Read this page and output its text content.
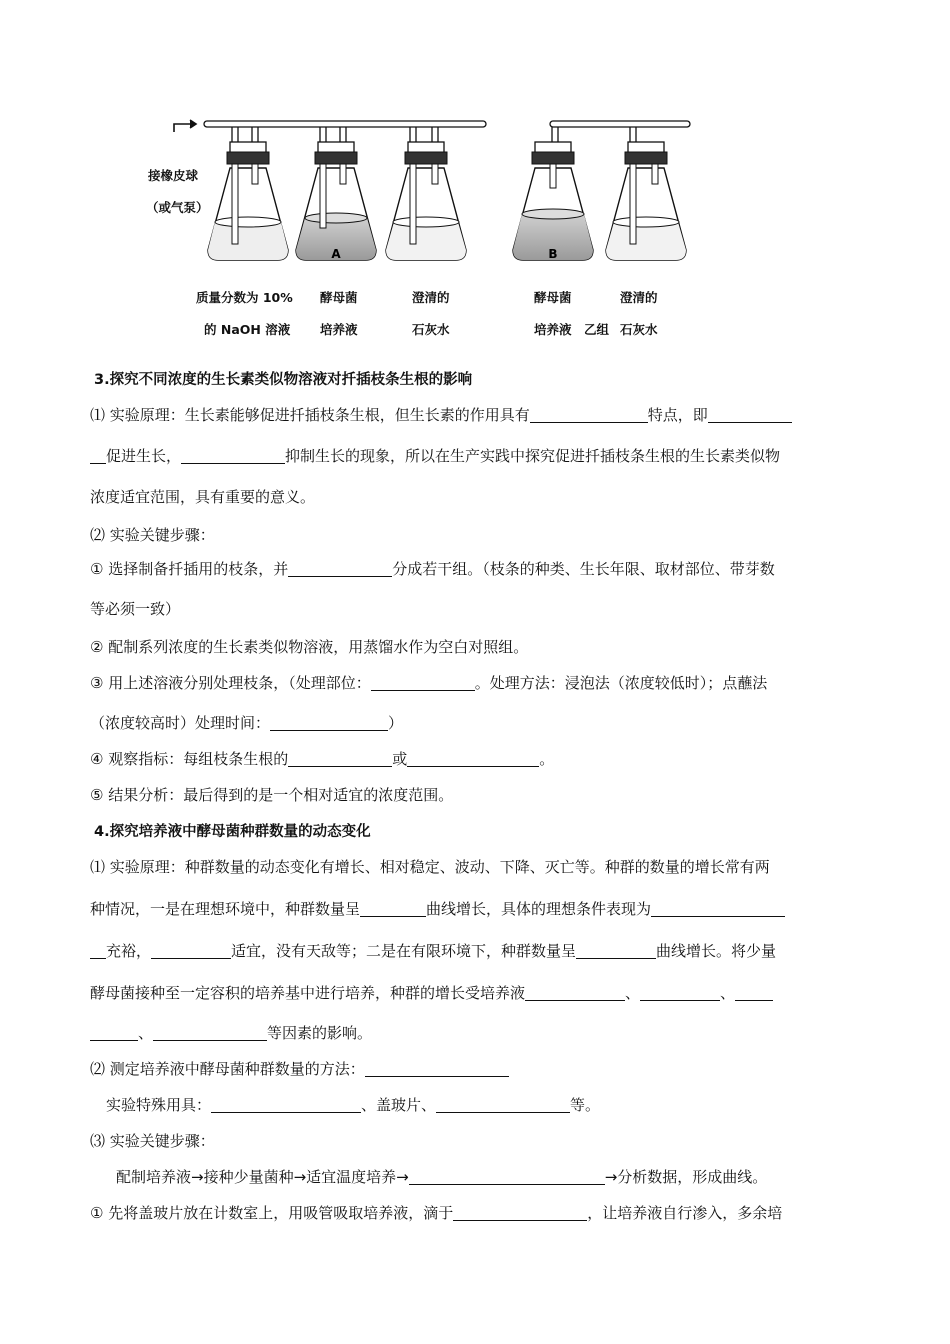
A	B
接橡皮球
（或气泵）
质量分数为 10%
的 NaOH 溶液
酵母菌
培养液
澄清的
石灰水
酵母菌
培养液 乙组
澄清的
石灰水
3.探究不同浓度的生长素类似物溶液对扦插枝条生根的影响
⑴ 实验原理：生长素能够促进扦插枝条生根，但生长素的作用具有	特点，即
促进生长，	抑制生长的现象，所以在生产实践中探究促进扦插枝条生根的生长素类似物
浓度适宜范围，具有重要的意义。
⑵ 实验关键步骤：
① 选择制备扦插用的枝条，并	分成若干组。（枝条的种类、生长年限、取材部位、带芽数
等必须一致）
② 配制系列浓度的生长素类似物溶液，用蒸馏水作为空白对照组。
③ 用上述溶液分别处理枝条，（处理部位：	。处理方法：浸泡法（浓度较低时）；点蘸法
（浓度较高时）处理时间：	）
④ 观察指标：每组枝条生根的	或	。
⑤ 结果分析：最后得到的是一个相对适宜的浓度范围。
4.探究培养液中酵母菌种群数量的动态变化
⑴ 实验原理：种群数量的动态变化有增长、相对稳定、波动、下降、灭亡等。种群的数量的增长常有两
种情况，一是在理想环境中，种群数量呈	曲线增长，具体的理想条件表现为
充裕，	适宜，没有天敌等；二是在有限环境下，种群数量呈	曲线增长。将少量
酵母菌接种至一定容积的培养基中进行培养，种群的增长受培养液	、	、
、	等因素的影响。
⑵ 测定培养液中酵母菌种群数量的方法：
实验特殊用具：	、盖玻片、	等。
⑶ 实验关键步骤：
配制培养液→接种少量菌种→适宜温度培养→	→分析数据，形成曲线。
① 先将盖玻片放在计数室上，用吸管吸取培养液，滴于	，让培养液自行渗入，多余培
